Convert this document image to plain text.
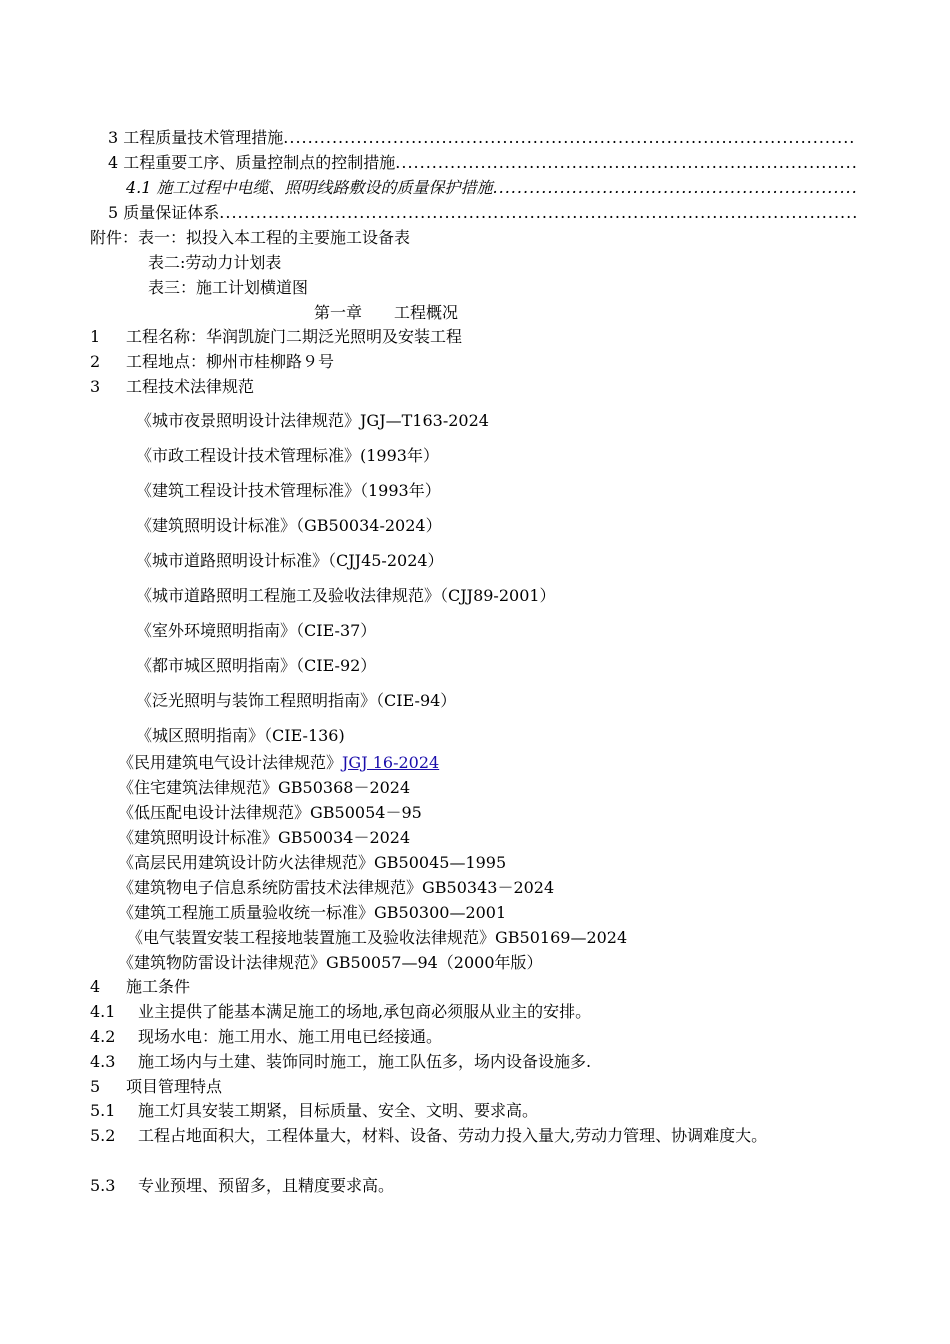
3 工程质量技术管理措施
.....
4 工程重要工序、质量控制点的控制措施
.....
4.1 施工过程中电缆、照明线路敷设的质量保护措施
.....
5 质量保证体系
.....
附件：表一：拟投入本工程的主要施工设备表
表二:劳动力计划表
表三：施工计划横道图
第一章　　工程概况
1 工程名称：华润凯旋门二期泛光照明及安装工程
2 工程地点：柳州市桂柳路９号
3 工程技术法律规范
《城市夜景照明设计法律规范》JGJ—T163-2024
《市政工程设计技术管理标准》(1993年）
《建筑工程设计技术管理标准》（1993年）
《建筑照明设计标准》（GB50034-2024）
《城市道路照明设计标准》（CJJ45-2024）
《城市道路照明工程施工及验收法律规范》（CJJ89-2001）
《室外环境照明指南》（CIE-37）
《都市城区照明指南》（CIE-92）
《泛光照明与装饰工程照明指南》（CIE-94）
《城区照明指南》（CIE-136)
《民用建筑电气设计法律规范》JGJ 16-2024
《住宅建筑法律规范》GB50368－2024
《低压配电设计法律规范》GB50054－95
《建筑照明设计标准》GB50034－2024
《高层民用建筑设计防火法律规范》GB50045—1995
《建筑物电子信息系统防雷技术法律规范》GB50343－2024
《建筑工程施工质量验收统一标准》GB50300—2001
《电气装置安装工程接地装置施工及验收法律规范》GB50169—2024
《建筑物防雷设计法律规范》GB50057—94（2000年版）
4 施工条件
4.1 业主提供了能基本满足施工的场地,承包商必须服从业主的安排。
4.2 现场水电：施工用水、施工用电已经接通。
4.3 施工场内与土建、装饰同时施工，施工队伍多，场内设备设施多.
5 项目管理特点
5.1 施工灯具安装工期紧，目标质量、安全、文明、要求高。
5.2	工程占地面积大，工程体量大，材料、设备、劳动力投入量大,劳动力管理、协调难度大。
5.3 专业预埋、预留多，且精度要求高。
